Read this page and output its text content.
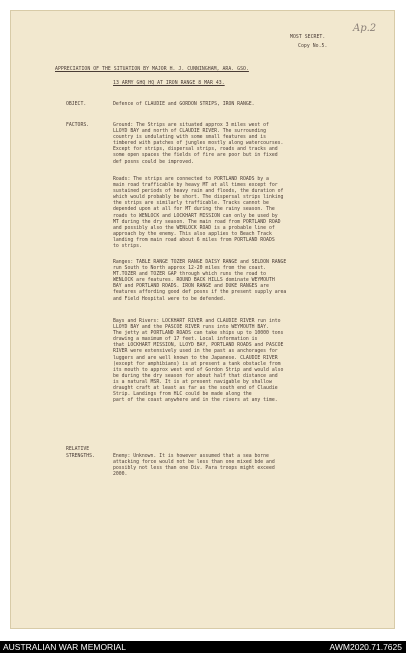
Ap.2
MOST SECRET.
Copy No.5.
APPRECIATION OF THE SITUATION BY MAJOR H. J. CUNNINGHAM, ARA. GSO.
13 ARMY GHQ HQ AT IRON RANGE 8 MAR 43.
OBJECT.	Defence of CLAUDIE and GORDON STRIPS, IRON RANGE.
FACTORS.	Ground: The Strips are situated approx 3 miles west of
LLOYD BAY and north of CLAUDIE RIVER. The surrounding
country is undulating with some small features and is
timbered with patches of jungles mostly along watercourses.
Except for strips, dispersal strips, roads and tracks and
some open spaces the fields of fire are poor but in fixed
def posns could be improved.
Roads: The strips are connected to PORTLAND ROADS by a
main road trafficable by heavy MT at all times except for
sustained periods of heavy rain and floods, the duration of
which would probably be short. The dispersal strips linking
the strips are similarly trafficable. Tracks cannot be
depended upon at all for MT during the rainy season. The
roads to WENLOCK and LOCKHART MISSION can only be used by
MT during the dry season. The main road from PORTLAND ROAD
and possibly also the WENLOCK ROAD is a probable line of
approach by the enemy. This also applies to Beach Track
landing from main road about 6 miles from PORTLAND ROADS
to strips.
Ranges: TABLE RANGE TOZER RANGE DAISY RANGE and SELDON RANGE
run South to North approx 12-20 miles from the coast.
MT.TOZER and TOZER GAP through which runs the road to
WENLOCK are features. ROUND BACK HILLS dominate WEYMOUTH
BAY and PORTLAND ROADS. IRON RANGE and DUKE RANGES are
features affording good def posns if the present supply area
and Field Hospital were to be defended.
Bays and Rivers: LOCKHART RIVER and CLAUDIE RIVER run into
LLOYD BAY and the PASCOE RIVER runs into WEYMOUTH BAY.
The jetty at PORTLAND ROADS can take ships up to 10000 tons
drawing a maximum of 17 feet. Local information is
that LOCKHART MISSION, LLOYD BAY, PORTLAND ROADS and PASCOE
RIVER were extensively used in the past as anchorages for
luggers and are well known to the Japanese. CLAUDIE RIVER
(except for amphibians) is at present a tank obstacle from
its mouth to approx west end of Gordon Strip and would also
be during the dry season for about half that distance and
is a natural MSR. It is at present navigable by shallow
draught craft at least as far as the south end of Claudie
Strip. Landings from HLC could be made along the
part of the coast anywhere and in the rivers at any time.
RELATIVE
STRENGTHS.	Enemy: Unknown. It is however assumed that a sea borne
attacking force would not be less than one mixed bde and
possibly not less than one Div. Para troops might exceed
2000.
AUSTRALIAN WAR MEMORIAL	AWM2020.71.7625
